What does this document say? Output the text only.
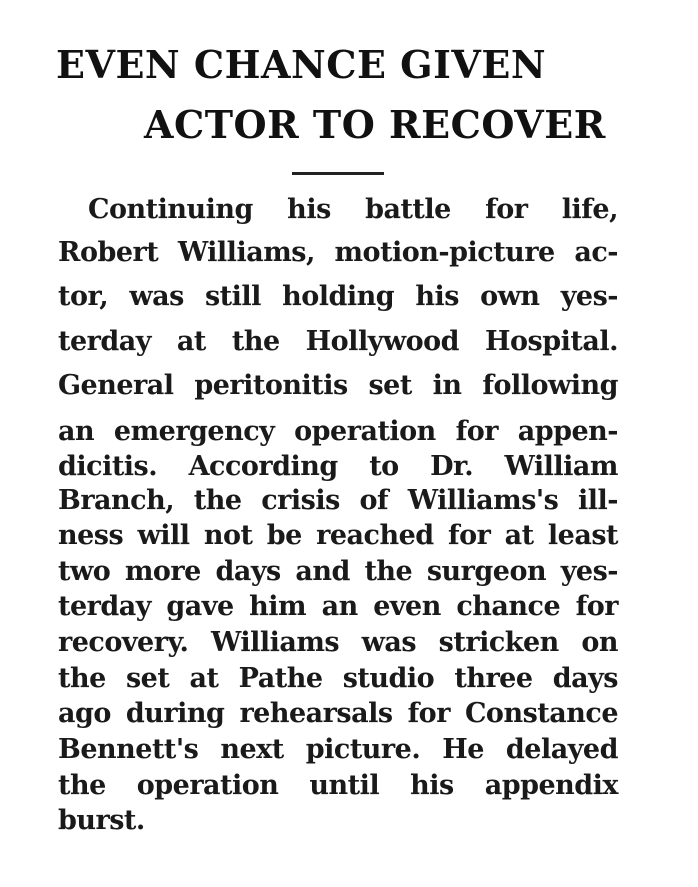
EVEN CHANCE GIVEN
ACTOR TO RECOVER

Continuing his battle for life,

Robert Williams, motion-picture ac-

tor, was still holding his own yes-

terday at the Hollywood Hospital.

General peritonitis set in following

an emergency operation for appen-

dicitis. According to Dr. William

Branch, the crisis of Williams's ill-

ness will not be reached for at least

two more days and the surgeon yes-

terday gave him an even chance for

recovery. Williams was stricken on

the set at Pathe studio three days

ago during rehearsals for Constance

Bennett's next picture. He delayed

the operation until his appendix

burst.
